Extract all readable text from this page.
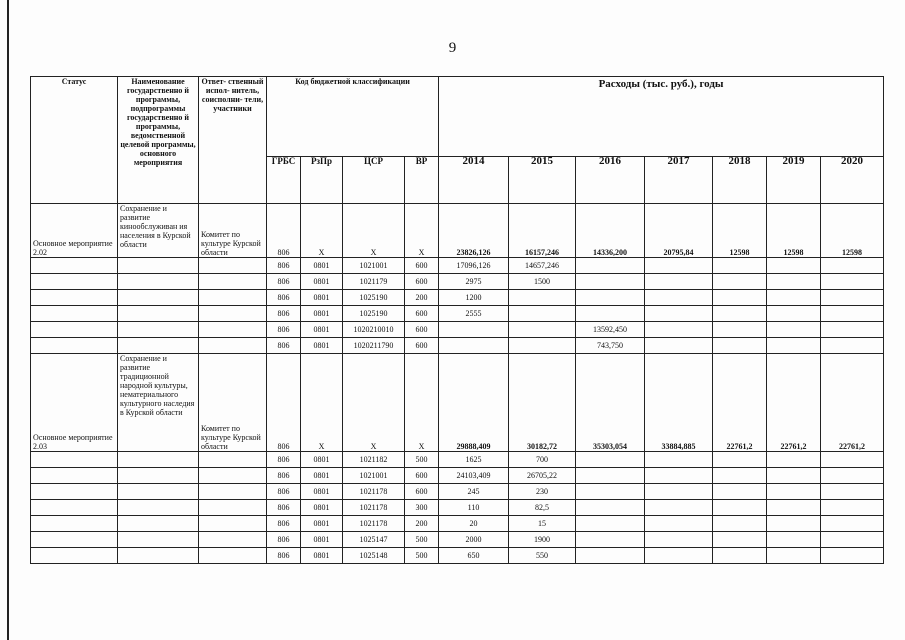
9
Статус	Наименование государственно й программы, подпрограммы государственно й программы, ведомственной целевой программы, основного мероприятия	Ответ- ственный испол- нитель, соисполни- тели, участники	Код бюджетной классификации				Расходы (тыс. руб.), годы						
			ГРБС	РзПр	ЦСР	ВР	2014	2015	2016	2017	2018	2019	2020
Основное мероприятие 2.02	Сохранение и развитие кинообслуживан ия населения в Курской области	Комитет по культуре Курской области	806	Х	Х	Х	23826,126	16157,246	14336,200	20795,84	12598	12598	12598
			806	0801	1021001	600	17096,126	14657,246					
			806	0801	1021179	600	2975	1500					
			806	0801	1025190	200	1200						
			806	0801	1025190	600	2555						
			806	0801	1020210010	600			13592,450				
			806	0801	1020211790	600			743,750				
Основное мероприятие 2.03	Сохранение и развитие традиционной народной культуры, нематериального культурного наследия в Курской области	Комитет по культуре Курской области	806	Х	Х	Х	29888,409	30182,72	35303,054	33884,885	22761,2	22761,2	22761,2
			806	0801	1021182	500	1625	700					
			806	0801	1021001	600	24103,409	26705,22					
			806	0801	1021178	600	245	230					
			806	0801	1021178	300	110	82,5					
			806	0801	1021178	200	20	15					
			806	0801	1025147	500	2000	1900					
			806	0801	1025148	500	650	550					
